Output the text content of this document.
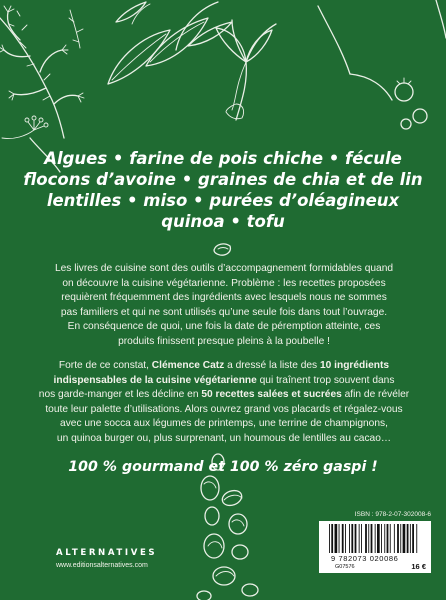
Algues • farine de pois chiche • fécule
flocons d’avoine • graines de chia et de lin
lentilles • miso • purées d’oléagineux
quinoa • tofu
Les livres de cuisine sont des outils d’accompagnement formidables quand
on découvre la cuisine végétarienne. Problème : les recettes proposées
requièrent fréquemment des ingrédients avec lesquels nous ne sommes
pas familiers et qui ne sont utilisés qu’une seule fois dans tout l’ouvrage.
En conséquence de quoi, une fois la date de péremption atteinte, ces
produits finissent presque pleins à la poubelle !
Forte de ce constat, Clémence Catz a dressé la liste des 10 ingrédients
indispensables de la cuisine végétarienne qui traînent trop souvent dans
nos garde-manger et les décline en 50 recettes salées et sucrées afin de révéler
toute leur palette d’utilisations. Alors ouvrez grand vos placards et régalez-vous
avec une socca aux légumes de printemps, une terrine de champignons,
un quinoa burger ou, plus surprenant, un houmous de lentilles au cacao…
100 % gourmand et 100 % zéro gaspi !
ISBN : 978-2-07-302008-6
9 782073 020086
G07576	16 €
ALTERNATIVES
www.editionsalternatives.com
